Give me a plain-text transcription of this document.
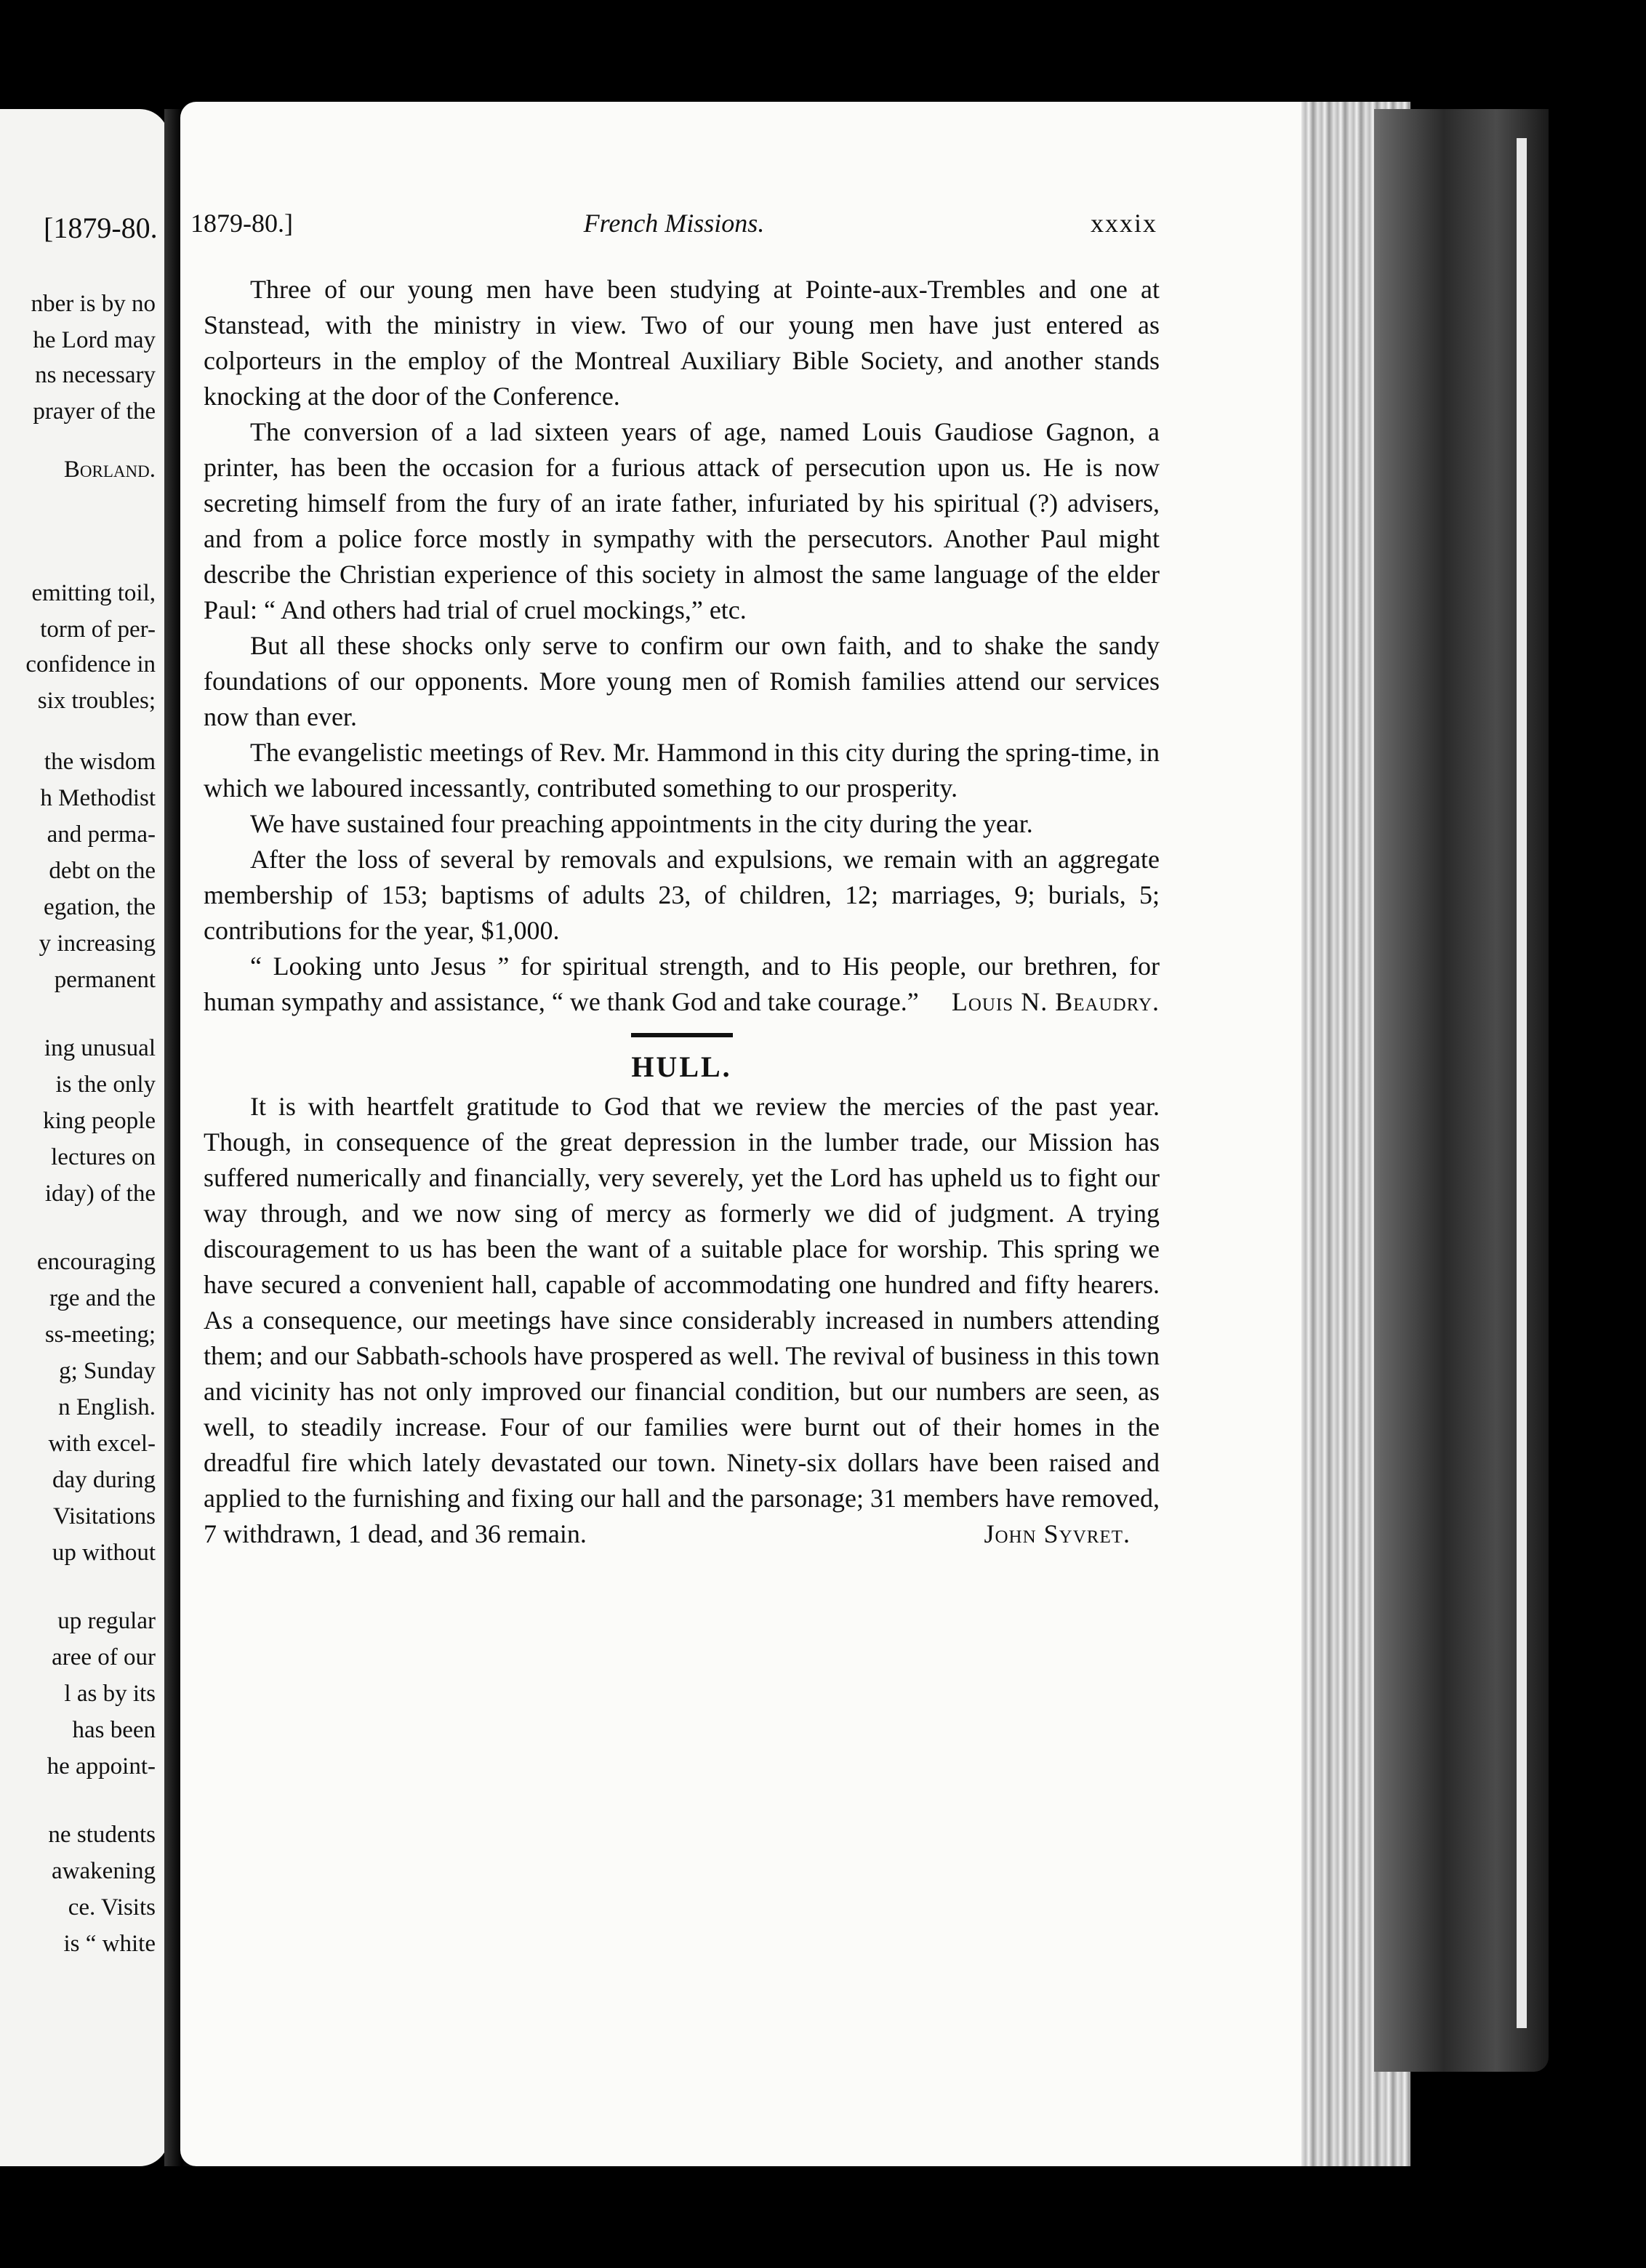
[1879-80.
nber is by no
he Lord may
ns necessary
prayer of the
Borland.
emitting toil,
torm of per-
confidence in
six troubles;
the wisdom
h Methodist
and perma-
debt on the
egation, the
y increasing
permanent
ing unusual
is the only
king people
lectures on
iday) of the
encouraging
rge and the
ss-meeting;
g; Sunday
n English.
with excel-
day during
Visitations
up without
up regular
aree of our
l as by its
has been
he appoint-
ne students
awakening
ce. Visits
is “ white
1879-80.]	French Missions.	xxxix

Three of our young men have been studying at Pointe-aux-Trembles and one at Stanstead, with the ministry in view. Two of our young men have just entered as colporteurs in the employ of the Montreal Auxiliary Bible Society, and another stands knocking at the door of the Conference.

The conversion of a lad sixteen years of age, named Louis Gaudiose Gagnon, a printer, has been the occasion for a furious attack of persecution upon us. He is now secreting himself from the fury of an irate father, infuriated by his spiritual (?) advisers, and from a police force mostly in sympathy with the persecutors. Another Paul might describe the Christian experience of this society in almost the same language of the elder Paul: “ And others had trial of cruel mockings,” etc.

But all these shocks only serve to confirm our own faith, and to shake the sandy foundations of our opponents. More young men of Romish families attend our services now than ever.

The evangelistic meetings of Rev. Mr. Hammond in this city during the spring-time, in which we laboured incessantly, contributed something to our prosperity.

We have sustained four preaching appointments in the city during the year.

After the loss of several by removals and expulsions, we remain with an aggregate membership of 153; baptisms of adults 23, of children, 12; marriages, 9; burials, 5; contributions for the year, $1,000.

“ Looking unto Jesus ” for spiritual strength, and to His people, our brethren, for human sympathy and assistance, “ we thank God and take courage.”	Louis N. Beaudry.
HULL.

It is with heartfelt gratitude to God that we review the mercies of the past year. Though, in consequence of the great depression in the lumber trade, our Mission has suffered numerically and financially, very severely, yet the Lord has upheld us to fight our way through, and we now sing of mercy as formerly we did of judgment. A trying discouragement to us has been the want of a suitable place for worship. This spring we have secured a convenient hall, capable of accommodating one hundred and fifty hearers. As a consequence, our meetings have since considerably increased in numbers attending them; and our Sabbath-schools have prospered as well. The revival of business in this town and vicinity has not only improved our financial condition, but our numbers are seen, as well, to steadily increase. Four of our families were burnt out of their homes in the dreadful fire which lately devastated our town. Ninety-six dollars have been raised and applied to the furnishing and fixing our hall and the parsonage; 31 members have removed, 7 withdrawn, 1 dead, and 36 remain.	John Syvret.
